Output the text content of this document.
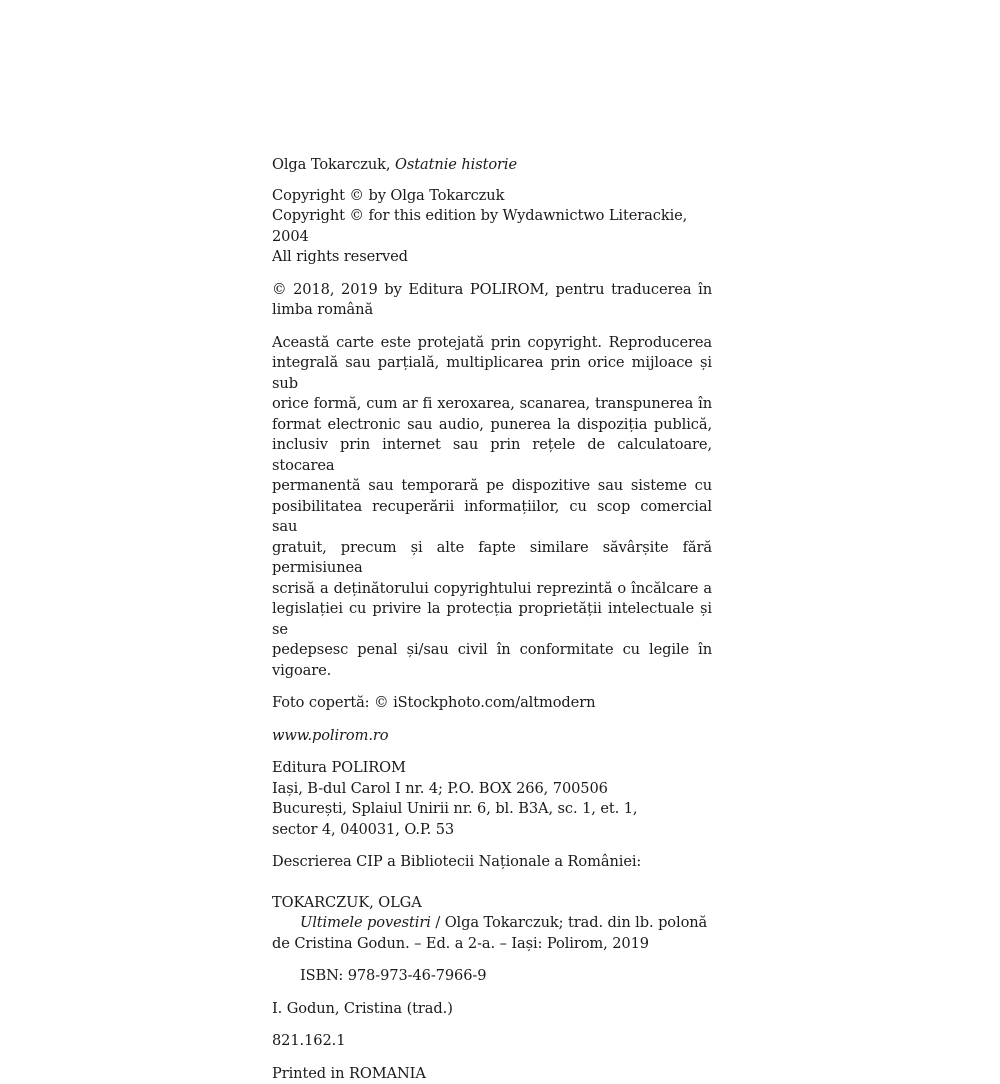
Olga Tokarczuk, Ostatnie historie

Copyright © by Olga Tokarczuk
Copyright © for this edition by Wydawnictwo Literackie,
2004
All rights reserved

© 2018, 2019 by Editura POLIROM, pentru traducerea în
limba română

Această carte este protejată prin copyright. Reproducerea
integrală sau parțială, multiplicarea prin orice mijloace și sub
orice formă, cum ar fi xeroxarea, scanarea, transpunerea în
format electronic sau audio, punerea la dispoziția publică,
inclusiv prin internet sau prin rețele de calculatoare, stocarea
permanentă sau temporară pe dispozitive sau sisteme cu
posibilitatea recuperării informațiilor, cu scop comercial sau
gratuit, precum și alte fapte similare săvârșite fără permisiunea
scrisă a deținătorului copyrightului reprezintă o încălcare a
legislației cu privire la protecția proprietății intelectuale și se
pedepsesc penal și/sau civil în conformitate cu legile în vigoare.

Foto copertă: © iStockphoto.com/altmodern

www.polirom.ro

Editura POLIROM
Iași, B-dul Carol I nr. 4; P.O. BOX 266, 700506
București, Splaiul Unirii nr. 6, bl. B3A, sc. 1, et. 1,
sector 4, 040031, O.P. 53

Descrierea CIP a Bibliotecii Naționale a României:

TOKARCZUK, OLGA

Ultimele povestiri / Olga Tokarczuk; trad. din lb. polonă
de Cristina Godun. – Ed. a 2-a. – Iași: Polirom, 2019

ISBN: 978-973-46-7966-9

I. Godun, Cristina (trad.)

821.162.1

Printed in ROMANIA
